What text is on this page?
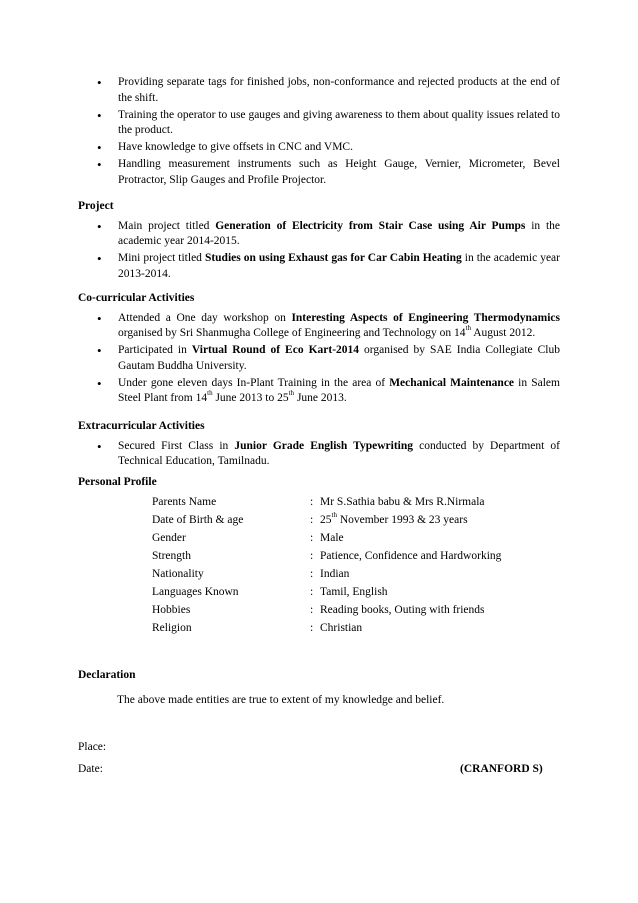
• Providing separate tags for finished jobs, non-conformance and rejected products at the end of the shift.
• Training the operator to use gauges and giving awareness to them about quality issues related to the product.
• Have knowledge to give offsets in CNC and VMC.
• Handling measurement instruments such as Height Gauge, Vernier, Micrometer, Bevel Protractor, Slip Gauges and Profile Projector.
Project
• Main project titled Generation of Electricity from Stair Case using Air Pumps in the academic year 2014-2015.
• Mini project titled Studies on using Exhaust gas for Car Cabin Heating in the academic year 2013-2014.
Co-curricular Activities
• Attended a One day workshop on Interesting Aspects of Engineering Thermodynamics organised by Sri Shanmugha College of Engineering and Technology on 14th August 2012.
• Participated in Virtual Round of Eco Kart-2014 organised by SAE India Collegiate Club Gautam Buddha University.
• Under gone eleven days In-Plant Training in the area of Mechanical Maintenance in Salem Steel Plant from 14th June 2013 to 25th June 2013.
Extracurricular Activities
• Secured First Class in Junior Grade English Typewriting conducted by Department of Technical Education, Tamilnadu.
Personal Profile
Parents Name	:	Mr S.Sathia babu & Mrs R.Nirmala
Date of Birth & age	:	25th November 1993 & 23 years
Gender	:	Male
Strength	:	Patience, Confidence and Hardworking
Nationality	:	Indian
Languages Known	:	Tamil, English
Hobbies	:	Reading books, Outing with friends
Religion	:	Christian
Declaration
The above made entities are true to extent of my knowledge and belief.
Place:
Date:	(CRANFORD S)
